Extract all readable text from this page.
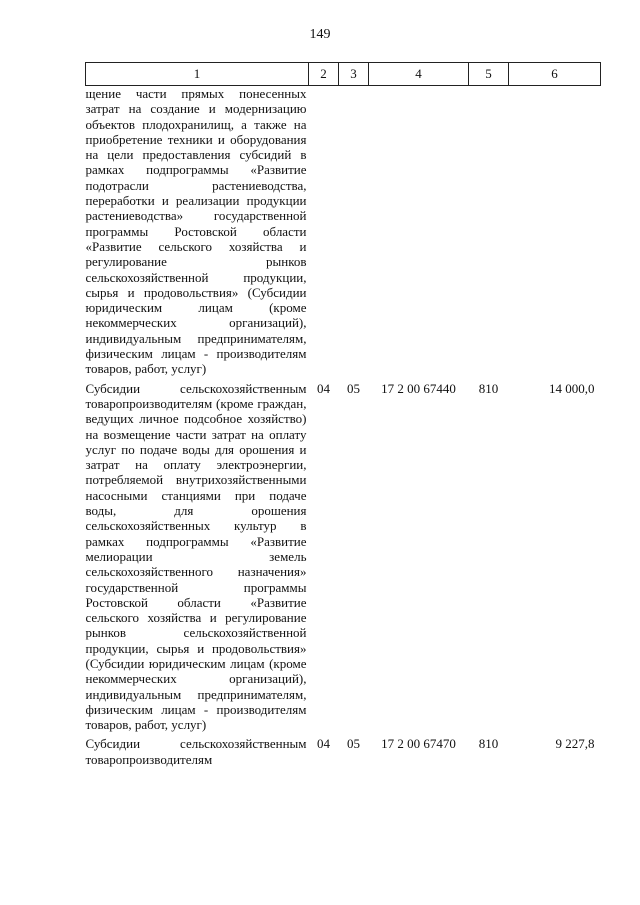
149
1	2	3	4	5	6
щение части прямых понесенных затрат на создание и модернизацию объектов плодохранилищ, а также на приобретение техники и оборудования на цели предоставления субсидий в рамках подпрограммы «Развитие подотрасли растениеводства, переработки и реализации продукции растениеводства» государственной программы Ростовской области «Развитие сельского хозяйства и регулирование рынков сельскохозяйственной продукции, сырья и продовольствия» (Субсидии юридическим лицам (кроме некоммерческих организаций), индивидуальным предпринимателям, физическим лицам - производителям товаров, работ, услуг)					
Субсидии сельскохозяйственным товаропроизводителям (кроме граждан, ведущих личное подсобное хозяйство) на возмещение части затрат на оплату услуг по подаче воды для орошения и затрат на оплату электроэнергии, потребляемой внутрихозяйственными насосными станциями при подаче воды, для орошения сельскохозяйственных культур в рамках подпрограммы «Развитие мелиорации земель сельскохозяйственного назначения» государственной программы Ростовской области «Развитие сельского хозяйства и регулирование рынков сельскохозяйственной продукции, сырья и продовольствия» (Субсидии юридическим лицам (кроме некоммерческих организаций), индивидуальным предпринимателям, физическим лицам - производителям товаров, работ, услуг)	04	05	17 2 00 67440	810	14 000,0
Субсидии сельскохозяйственным товаропроизводителям	04	05	17 2 00 67470	810	9 227,8
